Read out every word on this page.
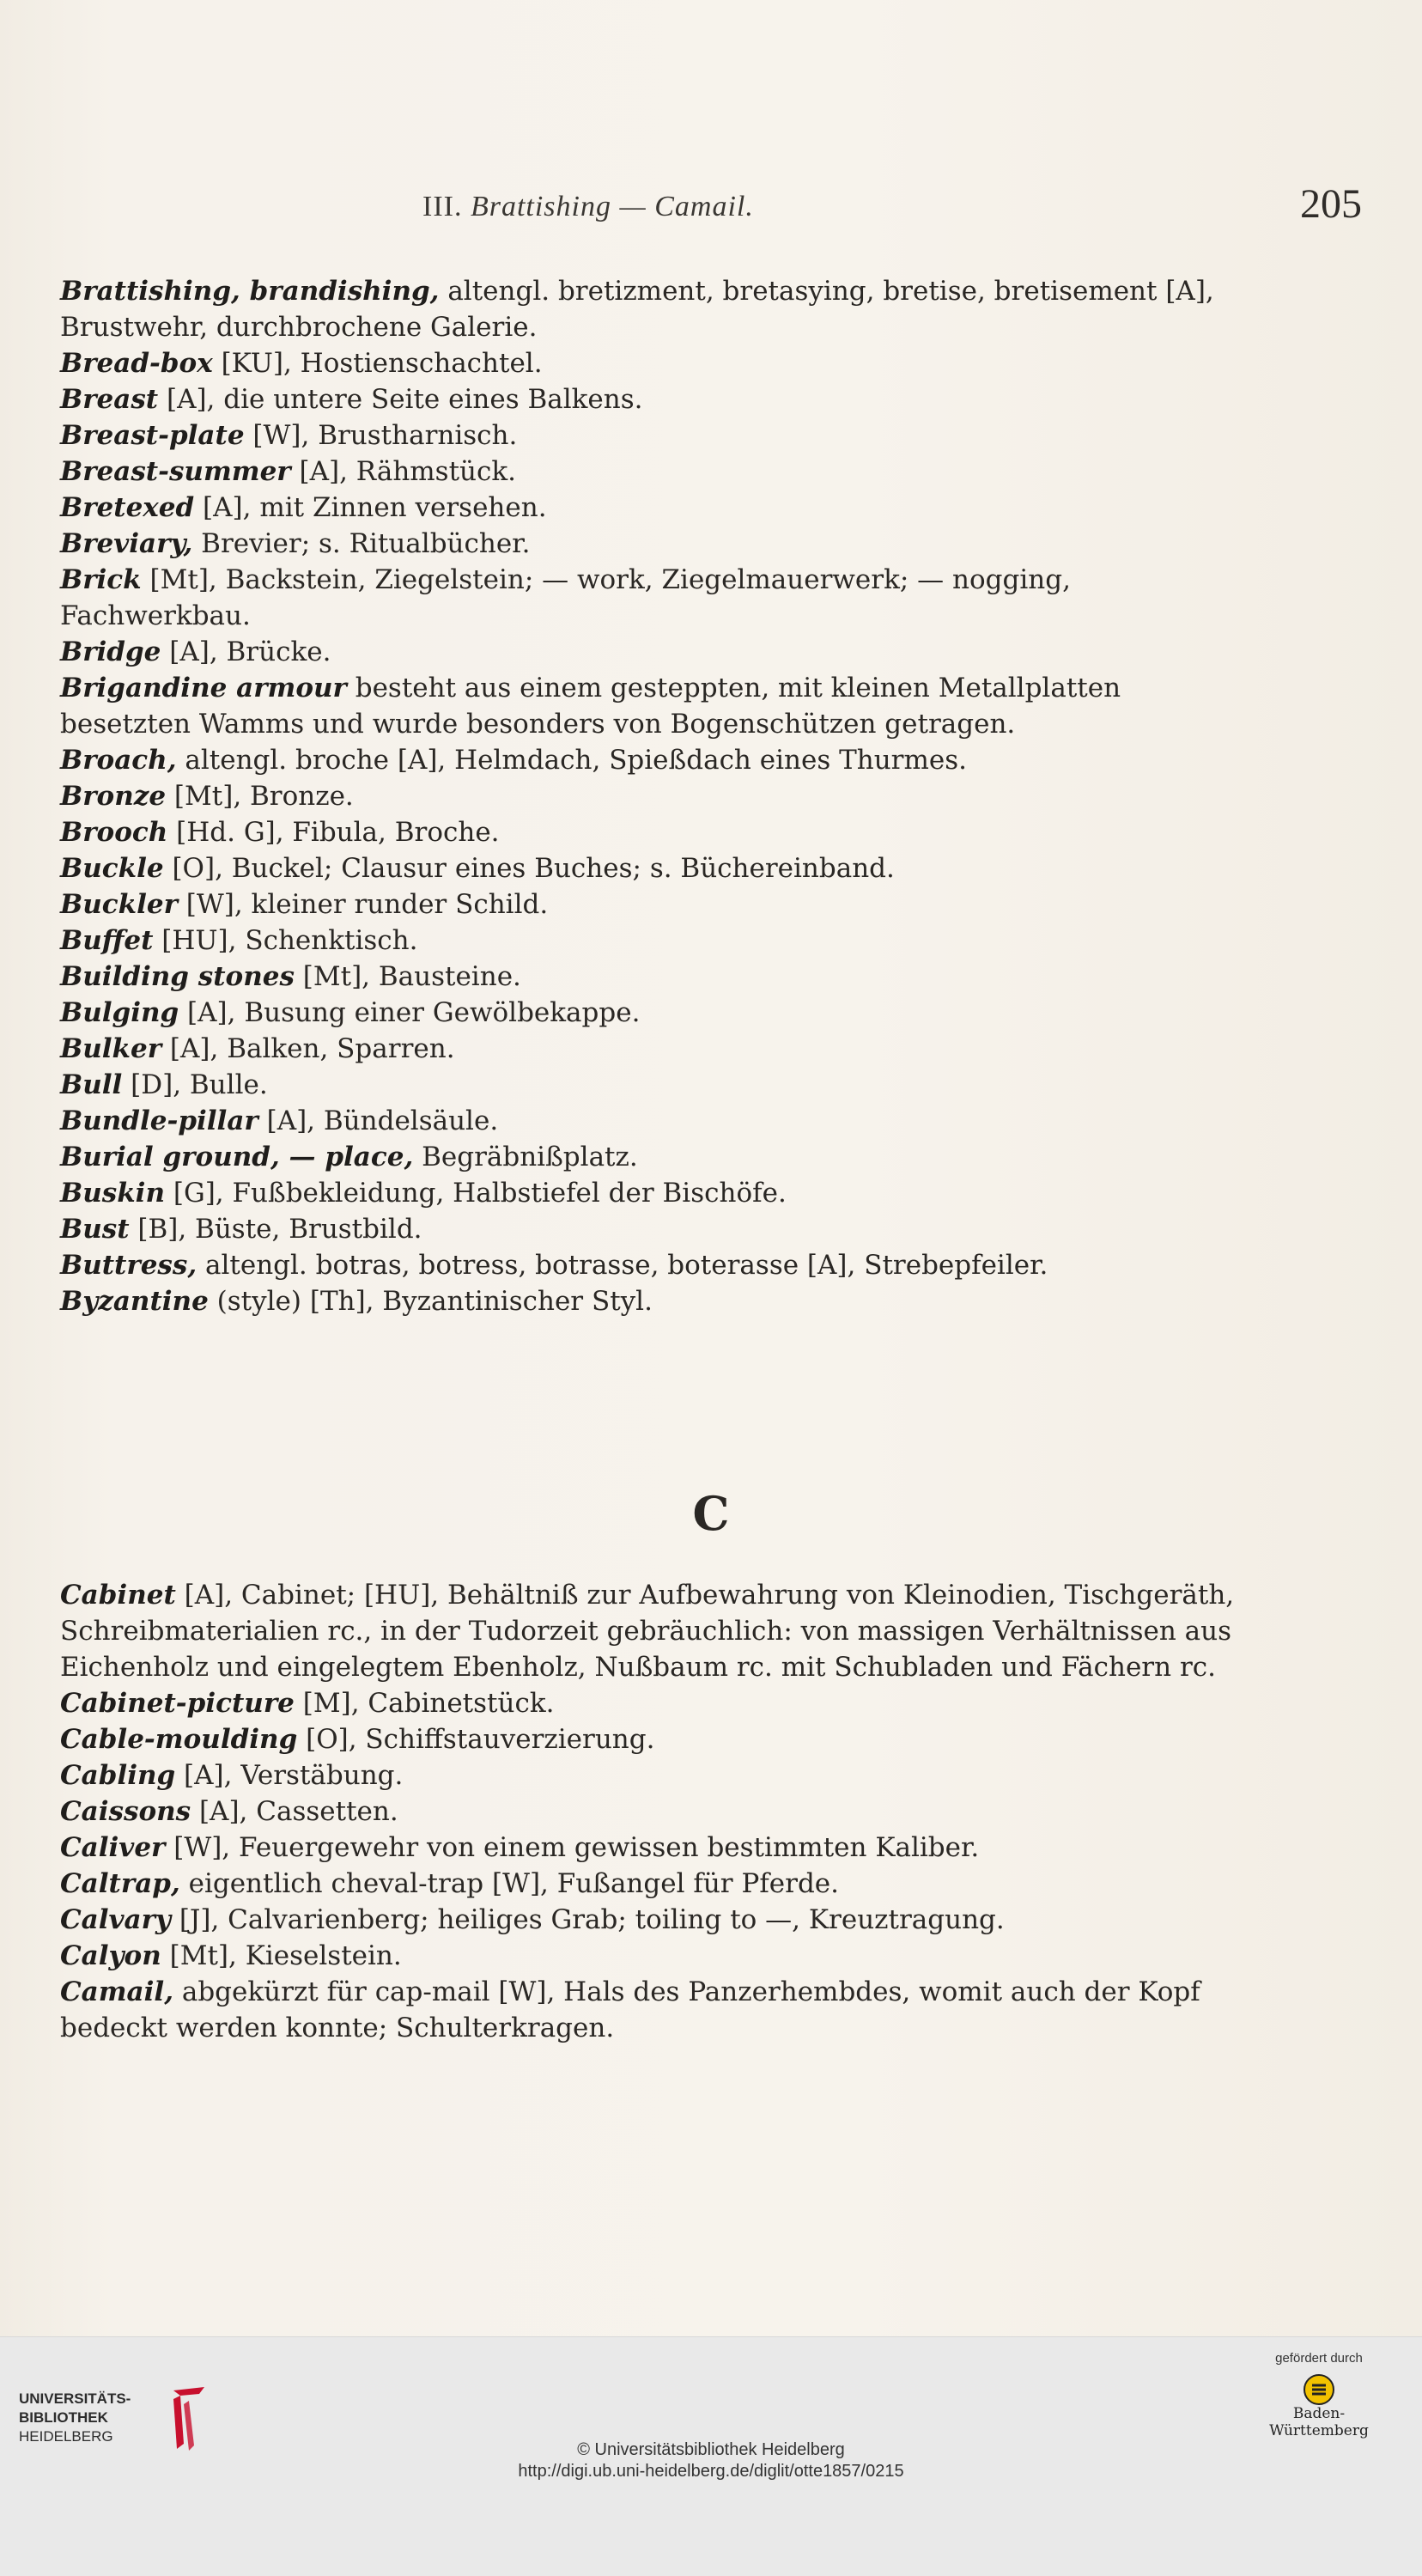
III. Brattishing — Camail.	205

Brattishing, brandishing, altengl. bretizment, bretasying, bretise, bretisement [A], Brustwehr, durchbrochene Galerie.

Bread-box [KU], Hostienschachtel.

Breast [A], die untere Seite eines Balkens.

Breast-plate [W], Brustharnisch.

Breast-summer [A], Rähmstück.

Bretexed [A], mit Zinnen versehen.

Breviary, Brevier; s. Ritualbücher.

Brick [Mt], Backstein, Ziegelstein; — work, Ziegelmauerwerk; — nogging, Fachwerkbau.

Bridge [A], Brücke.

Brigandine armour besteht aus einem gesteppten, mit kleinen Metallplatten besetzten Wamms und wurde besonders von Bogenschützen getragen.

Broach, altengl. broche [A], Helmdach, Spießdach eines Thurmes.

Bronze [Mt], Bronze.

Brooch [Hd. G], Fibula, Broche.

Buckle [O], Buckel; Clausur eines Buches; s. Büchereinband.

Buckler [W], kleiner runder Schild.

Buffet [HU], Schenktisch.

Building stones [Mt], Bausteine.

Bulging [A], Busung einer Gewölbekappe.

Bulker [A], Balken, Sparren.

Bull [D], Bulle.

Bundle-pillar [A], Bündelsäule.

Burial ground, — place, Begräbnißplatz.

Buskin [G], Fußbekleidung, Halbstiefel der Bischöfe.

Bust [B], Büste, Brustbild.

Buttress, altengl. botras, botress, botrasse, boterasse [A], Strebepfeiler.

Byzantine (style) [Th], Byzantinischer Styl.

C

Cabinet [A], Cabinet; [HU], Behältniß zur Aufbewahrung von Kleinodien, Tischgeräth, Schreibmaterialien rc., in der Tudorzeit gebräuchlich: von massigen Verhältnissen aus Eichenholz und eingelegtem Ebenholz, Nußbaum rc. mit Schubladen und Fächern rc.

Cabinet-picture [M], Cabinetstück.

Cable-moulding [O], Schiffstauverzierung.

Cabling [A], Verstäbung.

Caissons [A], Cassetten.

Caliver [W], Feuergewehr von einem gewissen bestimmten Kaliber.

Caltrap, eigentlich cheval-trap [W], Fußangel für Pferde.

Calvary [J], Calvarienberg; heiliges Grab; toiling to —, Kreuztragung.

Calyon [Mt], Kieselstein.

Camail, abgekürzt für cap-mail [W], Hals des Panzerhembdes, womit auch der Kopf bedeckt werden konnte; Schulterkragen.

UNIVERSITÄTS-
BIBLIOTHEK
HEIDELBERG
© Universitätsbibliothek Heidelberg
http://digi.ub.uni-heidelberg.de/diglit/otte1857/0215
gefördert durch
Baden-Württemberg
